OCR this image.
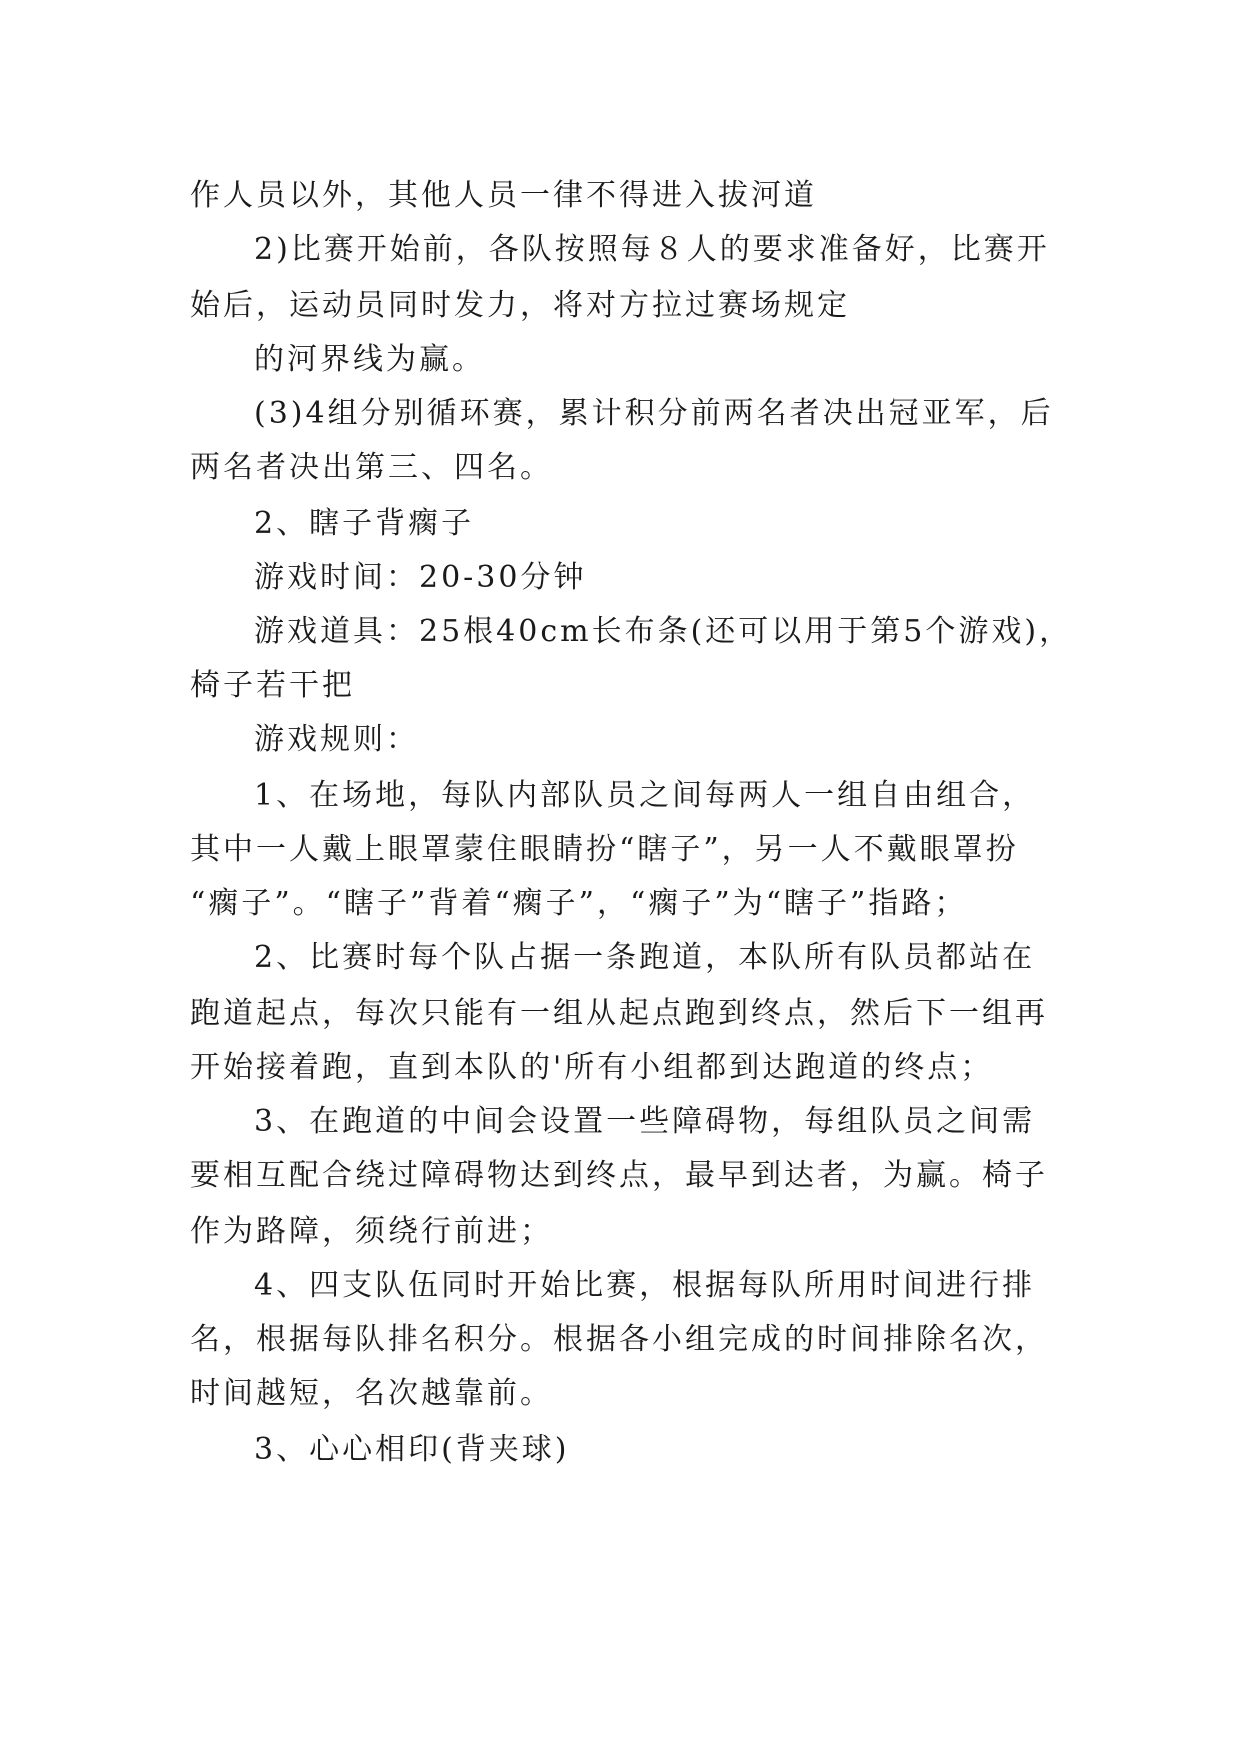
作人员以外，其他人员一律不得进入拔河道

2)比赛开始前，各队按照每８人的要求准备好，比赛开

始后，运动员同时发力，将对方拉过赛场规定

的河界线为赢。

(3)4组分别循环赛，累计积分前两名者决出冠亚军，后

两名者决出第三、四名。

2、瞎子背瘸子

游戏时间：20-30分钟

游戏道具：25根40cm长布条(还可以用于第5个游戏)，

椅子若干把

游戏规则：

1、在场地，每队内部队员之间每两人一组自由组合，

其中一人戴上眼罩蒙住眼睛扮“瞎子”，另一人不戴眼罩扮

“瘸子”。“瞎子”背着“瘸子”，“瘸子”为“瞎子”指路；

2、比赛时每个队占据一条跑道，本队所有队员都站在

跑道起点，每次只能有一组从起点跑到终点，然后下一组再

开始接着跑，直到本队的'所有小组都到达跑道的终点；

3、在跑道的中间会设置一些障碍物，每组队员之间需

要相互配合绕过障碍物达到终点，最早到达者，为赢。椅子

作为路障，须绕行前进；

4、四支队伍同时开始比赛，根据每队所用时间进行排

名，根据每队排名积分。根据各小组完成的时间排除名次，

时间越短，名次越靠前。

3、心心相印(背夹球)
